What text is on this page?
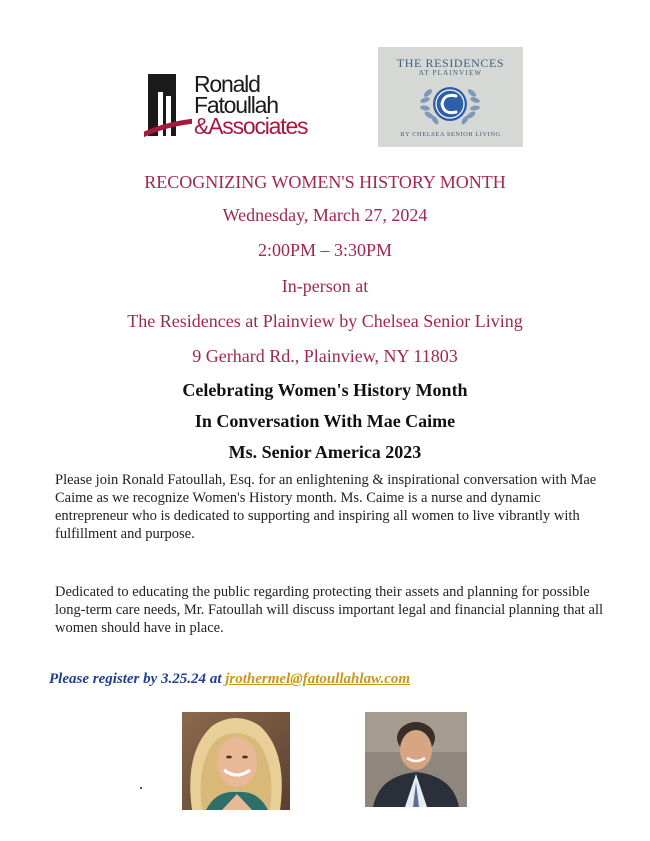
Ronald
Fatoullah
&Associates
THE RESIDENCES
AT PLAINVIEW
BY CHELSEA SENIOR LIVING
RECOGNIZING WOMEN'S HISTORY MONTH
Wednesday, March 27, 2024
2:00PM – 3:30PM
In-person at
The Residences at Plainview by Chelsea Senior Living
9 Gerhard Rd., Plainview, NY 11803
Celebrating Women's History Month
In Conversation With Mae Caime
Ms. Senior America 2023
Please join Ronald Fatoullah, Esq. for an enlightening & inspirational conversation with Mae Caime as we recognize Women's History month. Ms. Caime is a nurse and dynamic entrepreneur who is dedicated to supporting and inspiring all women to live vibrantly with fulfillment and purpose.
Dedicated to educating the public regarding protecting their assets and planning for possible long-term care needs, Mr. Fatoullah will discuss important legal and financial planning that all women should have in place.
Please register by 3.25.24 at jrothermel@fatoullahlaw.com
